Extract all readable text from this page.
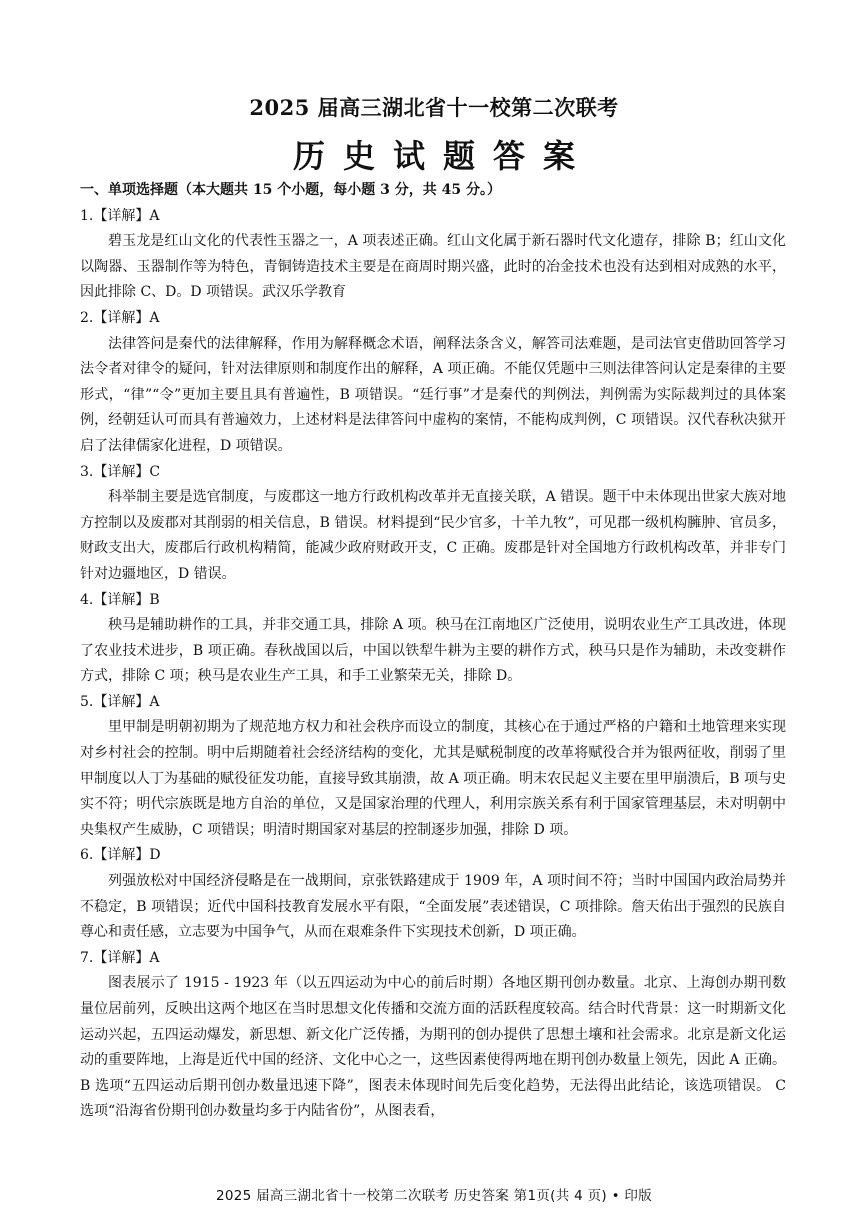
2025 届高三湖北省十一校第二次联考
历史试题答案
一、单项选择题（本大题共 15 个小题，每小题 3 分，共 45 分。）

1.【详解】A

碧玉龙是红山文化的代表性玉器之一，A 项表述正确。红山文化属于新石器时代文化遗存，排除 B；红山文化以陶器、玉器制作等为特色，青铜铸造技术主要是在商周时期兴盛，此时的冶金技术也没有达到相对成熟的水平，因此排除 C、D。D 项错误。武汉乐学教育

2.【详解】A

法律答问是秦代的法律解释，作用为解释概念术语，阐释法条含义，解答司法难题，是司法官吏借助回答学习法令者对律令的疑问，针对法律原则和制度作出的解释，A 项正确。不能仅凭题中三则法律答问认定是秦律的主要形式，“律”“令”更加主要且具有普遍性，B 项错误。“廷行事”才是秦代的判例法，判例需为实际裁判过的具体案例，经朝廷认可而具有普遍效力，上述材料是法律答问中虚构的案情，不能构成判例，C 项错误。汉代春秋决狱开启了法律儒家化进程，D 项错误。

3.【详解】C

科举制主要是选官制度，与废郡这一地方行政机构改革并无直接关联，A 错误。题干中未体现出世家大族对地方控制以及废郡对其削弱的相关信息，B 错误。材料提到“民少官多，十羊九牧”，可见郡一级机构臃肿、官员多，财政支出大，废郡后行政机构精简，能减少政府财政开支，C 正确。废郡是针对全国地方行政机构改革，并非专门针对边疆地区，D 错误。

4.【详解】B

秧马是辅助耕作的工具，并非交通工具，排除 A 项。秧马在江南地区广泛使用，说明农业生产工具改进，体现了农业技术进步，B 项正确。春秋战国以后，中国以铁犁牛耕为主要的耕作方式，秧马只是作为辅助，未改变耕作方式，排除 C 项；秧马是农业生产工具，和手工业繁荣无关，排除 D。

5.【详解】A

里甲制是明朝初期为了规范地方权力和社会秩序而设立的制度，其核心在于通过严格的户籍和土地管理来实现对乡村社会的控制。明中后期随着社会经济结构的变化，尤其是赋税制度的改革将赋役合并为银两征收，削弱了里甲制度以人丁为基础的赋役征发功能，直接导致其崩溃，故 A 项正确。明末农民起义主要在里甲崩溃后，B 项与史实不符；明代宗族既是地方自治的单位，又是国家治理的代理人，利用宗族关系有利于国家管理基层，未对明朝中央集权产生威胁，C 项错误；明清时期国家对基层的控制逐步加强，排除 D 项。

6.【详解】D

列强放松对中国经济侵略是在一战期间，京张铁路建成于 1909 年，A 项时间不符；当时中国国内政治局势并不稳定，B 项错误；近代中国科技教育发展水平有限，“全面发展”表述错误，C 项排除。詹天佑出于强烈的民族自尊心和责任感，立志要为中国争气，从而在艰难条件下实现技术创新，D 项正确。

7.【详解】A

图表展示了 1915 - 1923 年（以五四运动为中心的前后时期）各地区期刊创办数量。北京、上海创办期刊数量位居前列，反映出这两个地区在当时思想文化传播和交流方面的活跃程度较高。结合时代背景：这一时期新文化运动兴起，五四运动爆发，新思想、新文化广泛传播，为期刊的创办提供了思想土壤和社会需求。北京是新文化运动的重要阵地，上海是近代中国的经济、文化中心之一，这些因素使得两地在期刊创办数量上领先，因此 A 正确。B 选项“五四运动后期刊创办数量迅速下降”，图表未体现时间先后变化趋势，无法得出此结论，该选项错误。 C 选项“沿海省份期刊创办数量均多于内陆省份”，从图表看，

2025 届高三湖北省十一校第二次联考 历史答案 第1页(共 4 页) • 印版
